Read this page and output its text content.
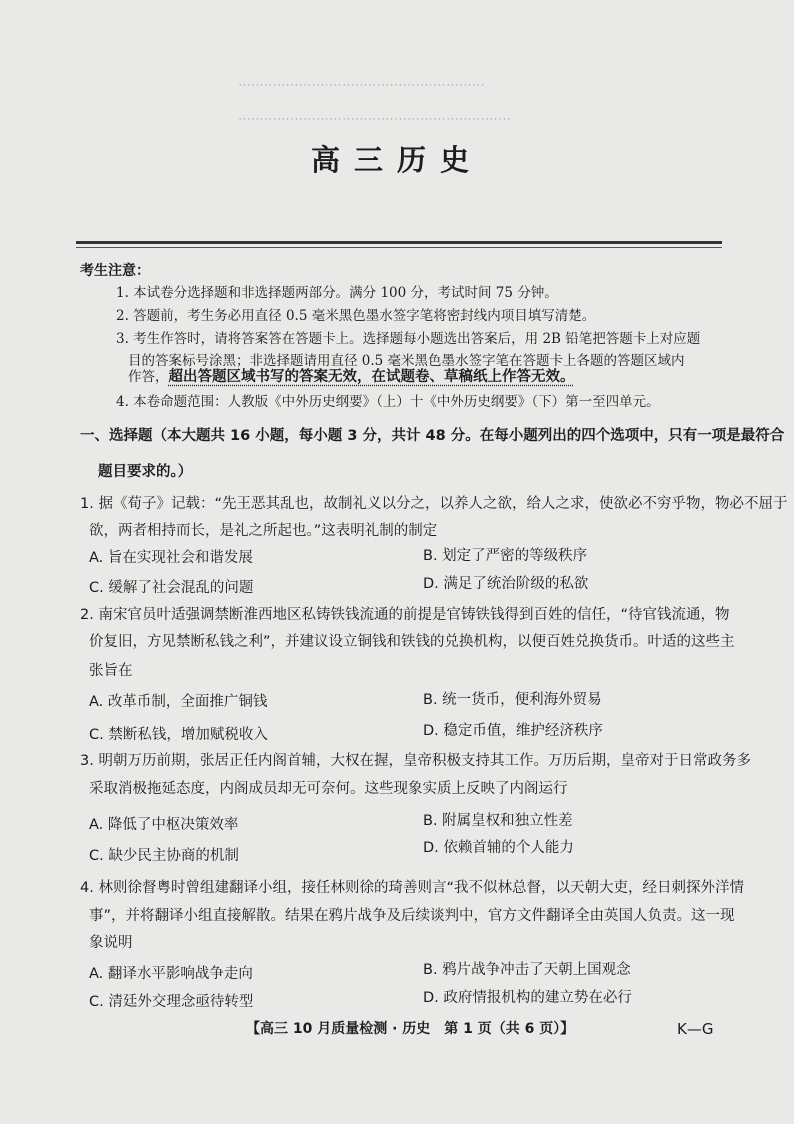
⋯⋯⋯⋯⋯⋯⋯⋯⋯⋯⋯⋯⋯⋯⋯⋯⋯⋯⋯
⋯⋯⋯⋯⋯⋯⋯⋯⋯⋯⋯⋯⋯⋯⋯⋯⋯⋯⋯⋯⋯
高三历史
考生注意：
1. 本试卷分选择题和非选择题两部分。满分 100 分，考试时间 75 分钟。
2. 答题前，考生务必用直径 0.5 毫米黑色墨水签字笔将密封线内项目填写清楚。
3. 考生作答时，请将答案答在答题卡上。选择题每小题选出答案后，用 2B 铅笔把答题卡上对应题
目的答案标号涂黑；非选择题请用直径 0.5 毫米黑色墨水签字笔在答题卡上各题的答题区域内
作答，超出答题区域书写的答案无效，在试题卷、草稿纸上作答无效。
4. 本卷命题范围：人教版《中外历史纲要》（上）十《中外历史纲要》（下）第一至四单元。
一、选择题（本大题共 16 小题，每小题 3 分，共计 48 分。在每小题列出的四个选项中，只有一项是最符合
题目要求的。）
1. 据《荀子》记载：“先王恶其乱也，故制礼义以分之，以养人之欲，给人之求，使欲必不穷乎物，物必不屈于
欲，两者相持而长，是礼之所起也。”这表明礼制的制定
A. 旨在实现社会和谐发展	B. 划定了严密的等级秩序
C. 缓解了社会混乱的问题	D. 满足了统治阶级的私欲
2. 南宋官员叶适强调禁断淮西地区私铸铁钱流通的前提是官铸铁钱得到百姓的信任，“待官钱流通，物
价复旧，方见禁断私钱之利”，并建议设立铜钱和铁钱的兑换机构，以便百姓兑换货币。叶适的这些主
张旨在
A. 改革币制，全面推广铜钱	B. 统一货币，便利海外贸易
C. 禁断私钱，增加赋税收入	D. 稳定币值，维护经济秩序
3. 明朝万历前期，张居正任内阁首辅，大权在握，皇帝积极支持其工作。万历后期，皇帝对于日常政务多
采取消极拖延态度，内阁成员却无可奈何。这些现象实质上反映了内阁运行
A. 降低了中枢决策效率	B. 附属皇权和独立性差
C. 缺少民主协商的机制	D. 依赖首辅的个人能力
4. 林则徐督粤时曾组建翻译小组，接任林则徐的琦善则言“我不似林总督，以天朝大吏，经日刺探外洋情
事”，并将翻译小组直接解散。结果在鸦片战争及后续谈判中，官方文件翻译全由英国人负责。这一现
象说明
A. 翻译水平影响战争走向	B. 鸦片战争冲击了天朝上国观念
C. 清廷外交理念亟待转型	D. 政府情报机构的建立势在必行
【高三 10 月质量检测 · 历史　第 1 页（共 6 页）】	K—G
